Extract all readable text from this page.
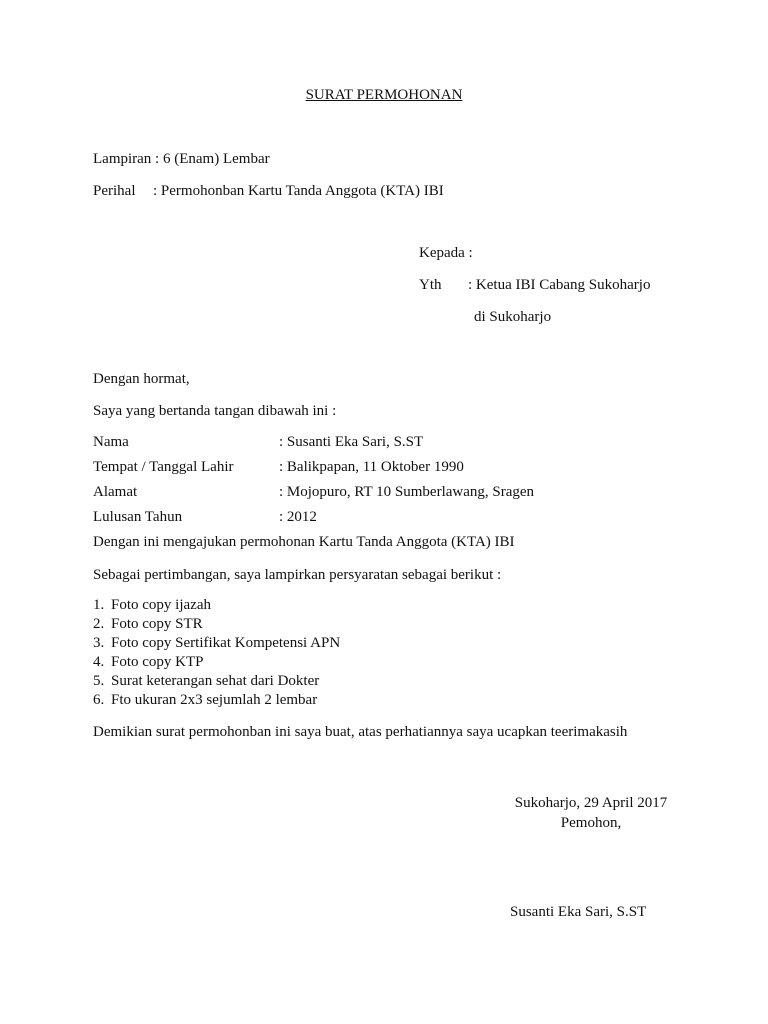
SURAT PERMOHONAN
Lampiran : 6 (Enam) Lembar
Perihal : Permohonban Kartu Tanda Anggota (KTA) IBI
Kepada :
Yth : Ketua IBI Cabang Sukoharjo
di Sukoharjo
Dengan hormat,
Saya yang bertanda tangan dibawah ini :
Nama	: Susanti Eka Sari, S.ST
Tempat / Tanggal Lahir	: Balikpapan, 11 Oktober 1990
Alamat	: Mojopuro, RT 10 Sumberlawang, Sragen
Lulusan Tahun	: 2012
Dengan ini mengajukan permohonan Kartu Tanda Anggota (KTA) IBI
Sebagai pertimbangan, saya lampirkan persyaratan sebagai berikut :
1. Foto copy ijazah
2. Foto copy STR
3. Foto copy Sertifikat Kompetensi APN
4. Foto copy KTP
5. Surat keterangan sehat dari Dokter
6. Fto ukuran 2x3 sejumlah 2 lembar
Demikian surat permohonban ini saya buat, atas perhatiannya saya ucapkan teerimakasih
Sukoharjo, 29 April 2017
Pemohon,
Susanti Eka Sari, S.ST
